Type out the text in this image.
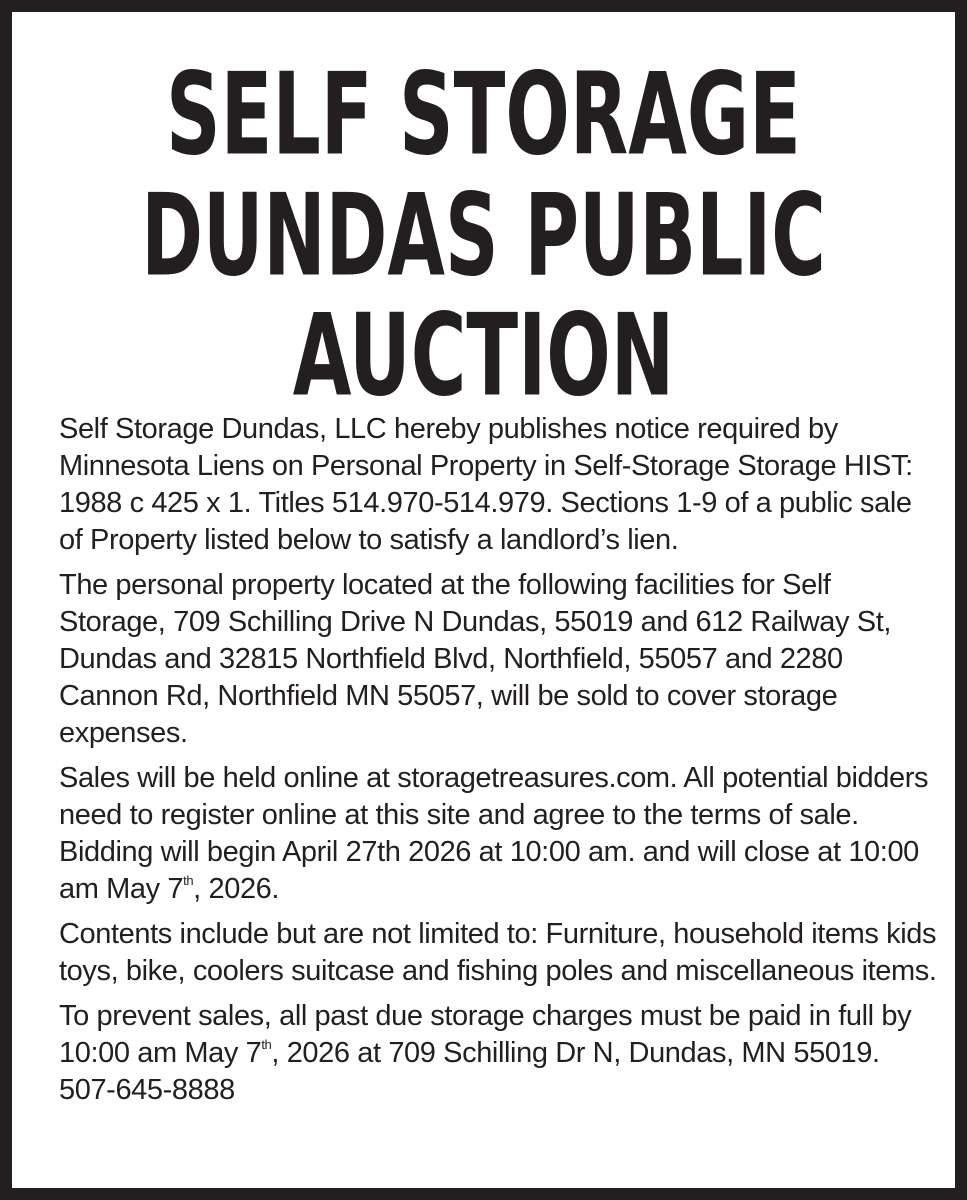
SELF STORAGE
DUNDAS PUBLIC
AUCTION

Self Storage Dundas, LLC hereby publishes notice required by Minnesota Liens on Personal Property in Self-Storage Storage HIST: 1988 c 425 x 1. Titles 514.970-514.979. Sections 1-9 of a public sale of Property listed below to satisfy a landlord’s lien.

The personal property located at the following facilities for Self Storage, 709 Schilling Drive N Dundas, 55019 and 612 Railway St, Dundas and 32815 Northfield Blvd, Northfield, 55057 and 2280 Cannon Rd, Northfield MN 55057, will be sold to cover storage expenses.

Sales will be held online at storagetreasures.com. All potential bidders need to register online at this site and agree to the terms of sale. Bidding will begin April 27th 2026 at 10:00 am. and will close at 10:00 am May 7th, 2026.

Contents include but are not limited to: Furniture, household items kids toys, bike, coolers suitcase and fishing poles and miscellaneous items.

To prevent sales, all past due storage charges must be paid in full by 10:00 am May 7th, 2026 at 709 Schilling Dr N, Dundas, MN 55019. 507-645-8888
